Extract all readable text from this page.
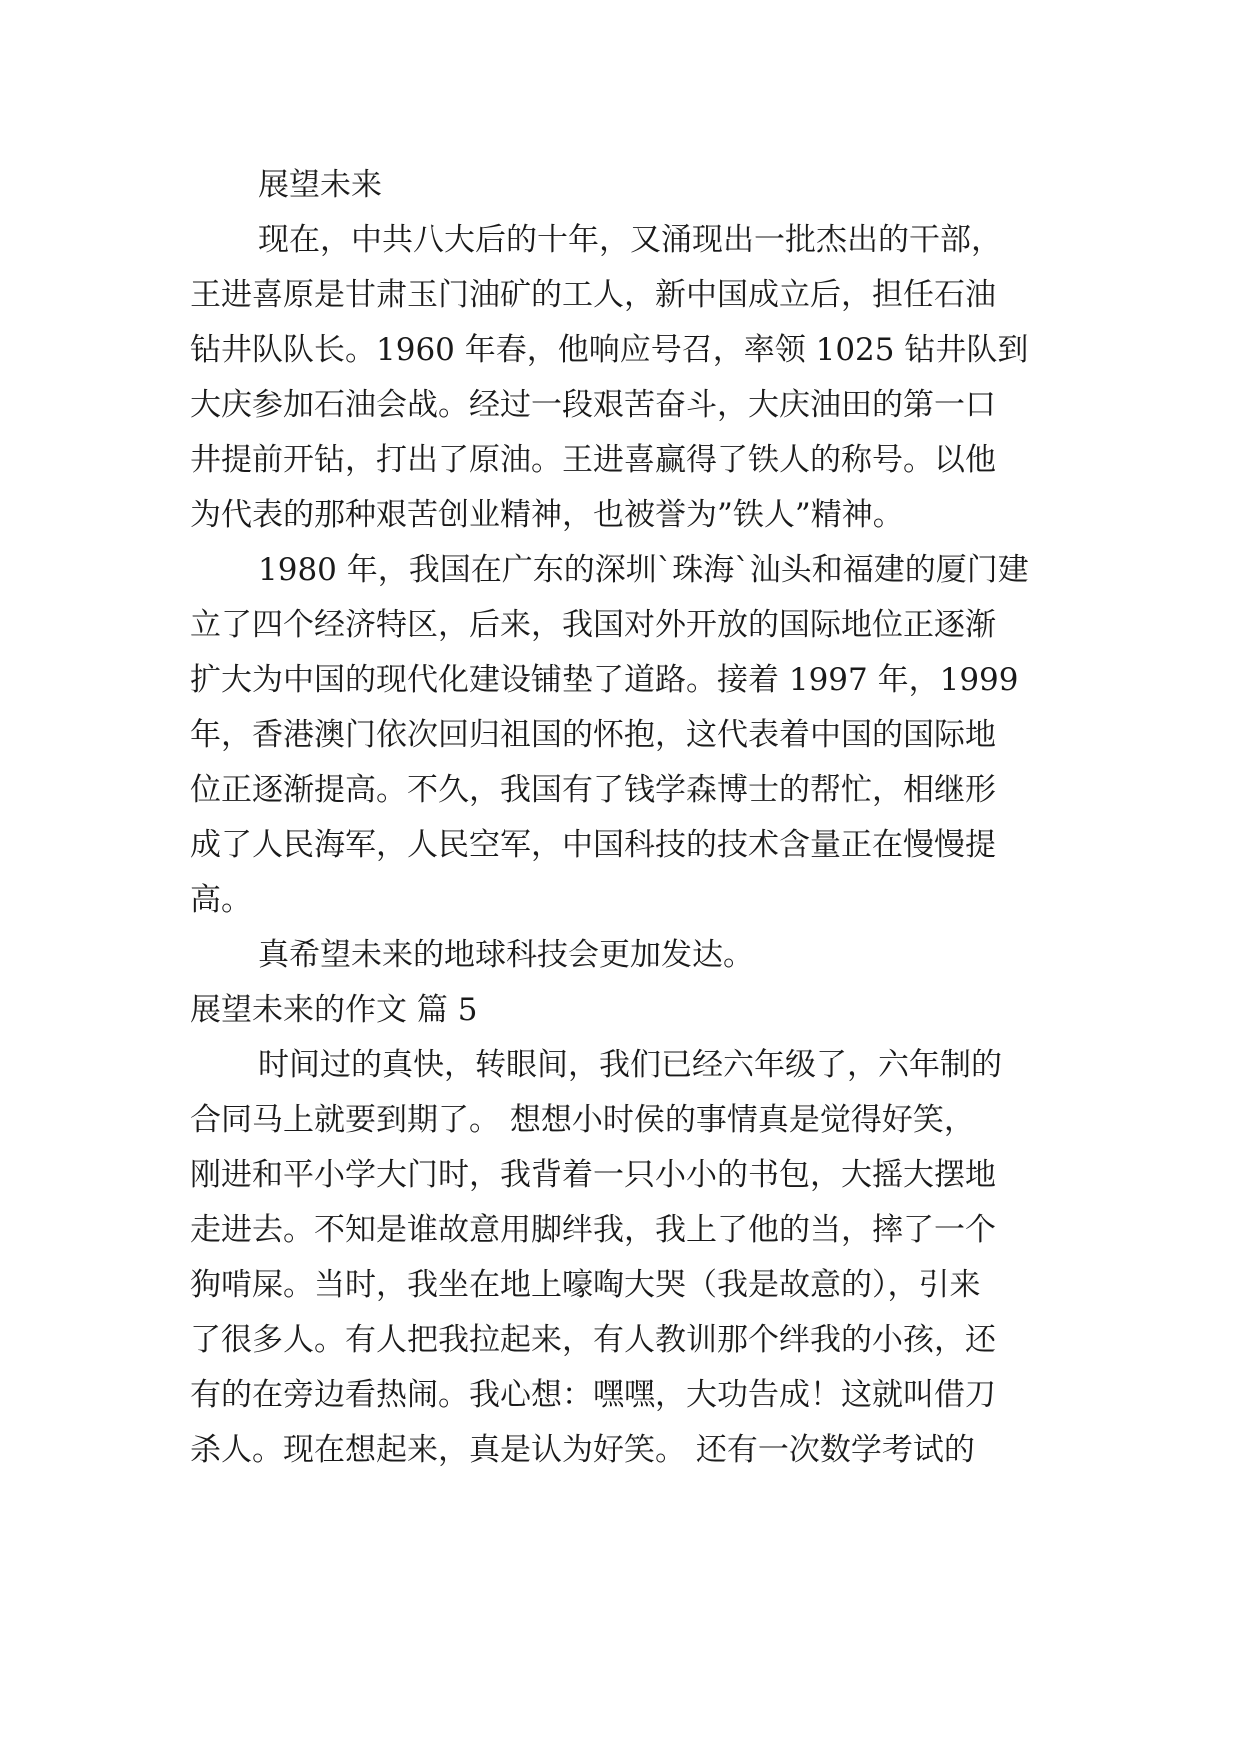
展望未来
现在，中共八大后的十年，又涌现出一批杰出的干部，
王进喜原是甘肃玉门油矿的工人，新中国成立后，担任石油
钻井队队长。1960 年春，他响应号召，率领 1025 钻井队到
大庆参加石油会战。经过一段艰苦奋斗，大庆油田的第一口
井提前开钻，打出了原油。王进喜赢得了铁人的称号。以他
为代表的那种艰苦创业精神，也被誉为”铁人”精神。
1980 年，我国在广东的深圳`珠海`汕头和福建的厦门建
立了四个经济特区，后来，我国对外开放的国际地位正逐渐
扩大为中国的现代化建设铺垫了道路。接着 1997 年，1999
年，香港澳门依次回归祖国的怀抱，这代表着中国的国际地
位正逐渐提高。不久，我国有了钱学森博士的帮忙，相继形
成了人民海军，人民空军，中国科技的技术含量正在慢慢提
高。
真希望未来的地球科技会更加发达。
展望未来的作文 篇 5
时间过的真快，转眼间，我们已经六年级了，六年制的
合同马上就要到期了。 想想小时侯的事情真是觉得好笑，
刚进和平小学大门时，我背着一只小小的书包，大摇大摆地
走进去。不知是谁故意用脚绊我，我上了他的当，摔了一个
狗啃屎。当时，我坐在地上嚎啕大哭（我是故意的），引来
了很多人。有人把我拉起来，有人教训那个绊我的小孩，还
有的在旁边看热闹。我心想：嘿嘿，大功告成！这就叫借刀
杀人。现在想起来，真是认为好笑。 还有一次数学考试的
